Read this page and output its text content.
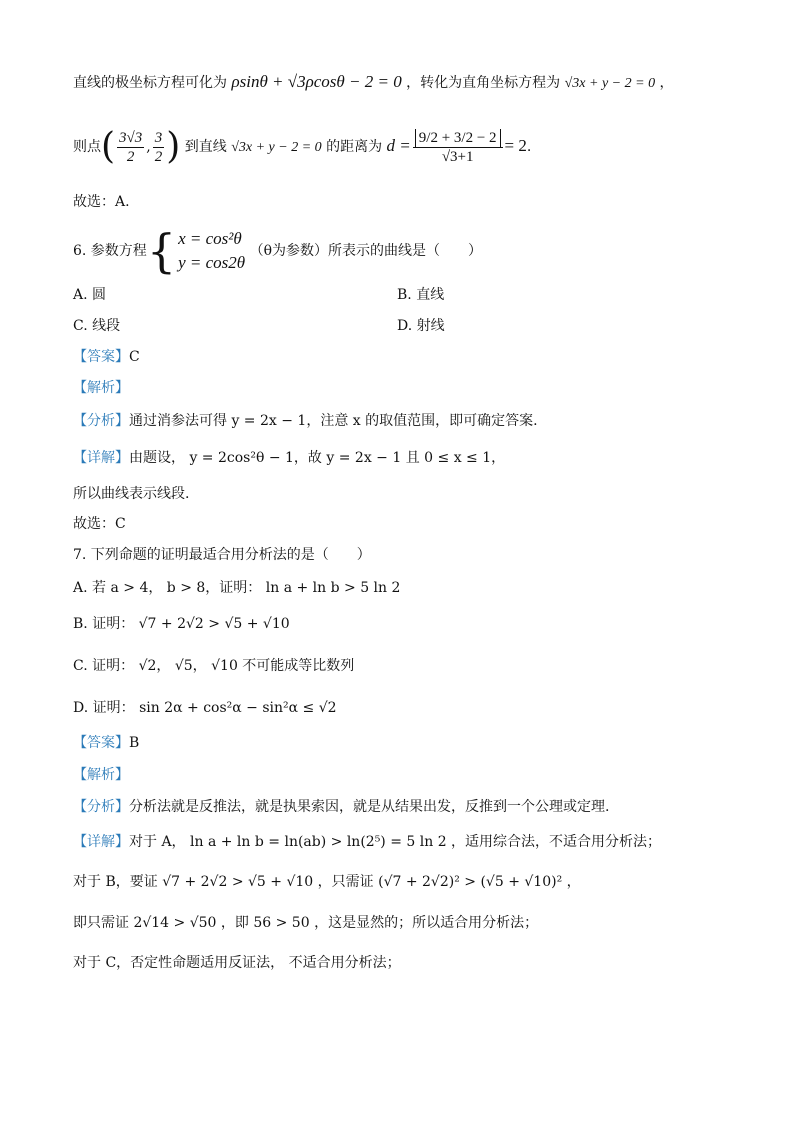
直线的极坐标方程可化为 ρsinθ + √3ρcosθ − 2 = 0 ，转化为直角坐标方程为 √3x + y − 2 = 0 ，
则点( $\frac{3√3}{2}$ , $\frac{3}{2}$ ) 到直线 √3x + y − 2 = 0 的距离为 $d = \frac{9/2 + 3/2 - 2}{√3+1} = 2$.
故选：A.
6. 参数方程{ x = cos²θ
y = cos2θ
（θ为参数）所表示的曲线是（　　）
A. 圆	B. 直线
C. 线段	D. 射线
【答案】C
【解析】
【分析】通过消参法可得 y = 2x − 1，注意 x 的取值范围，即可确定答案.
【详解】由题设， y = 2cos²θ − 1，故 y = 2x − 1 且 0 ≤ x ≤ 1，
所以曲线表示线段.
故选：C
7. 下列命题的证明最适合用分析法的是（　　）
A. 若 a > 4， b > 8，证明： ln a + ln b > 5 ln 2
B. 证明： √7 + 2√2 > √5 + √10
C. 证明： √2， √5， √10 不可能成等比数列
D. 证明： sin 2α + cos²α − sin²α ≤ √2
【答案】B
【解析】
【分析】分析法就是反推法，就是执果索因，就是从结果出发，反推到一个公理或定理.
【详解】对于 A， ln a + ln b = ln(ab) > ln(2⁵) = 5 ln 2 ，适用综合法，不适合用分析法；
对于 B，要证 √7 + 2√2 > √5 + √10 ，只需证 (√7 + 2√2)² > (√5 + √10)² ，
即只需证 2√14 > √50 ，即 56 > 50 ，这是显然的；所以适合用分析法；
对于 C，否定性命题适用反证法， 不适合用分析法；
